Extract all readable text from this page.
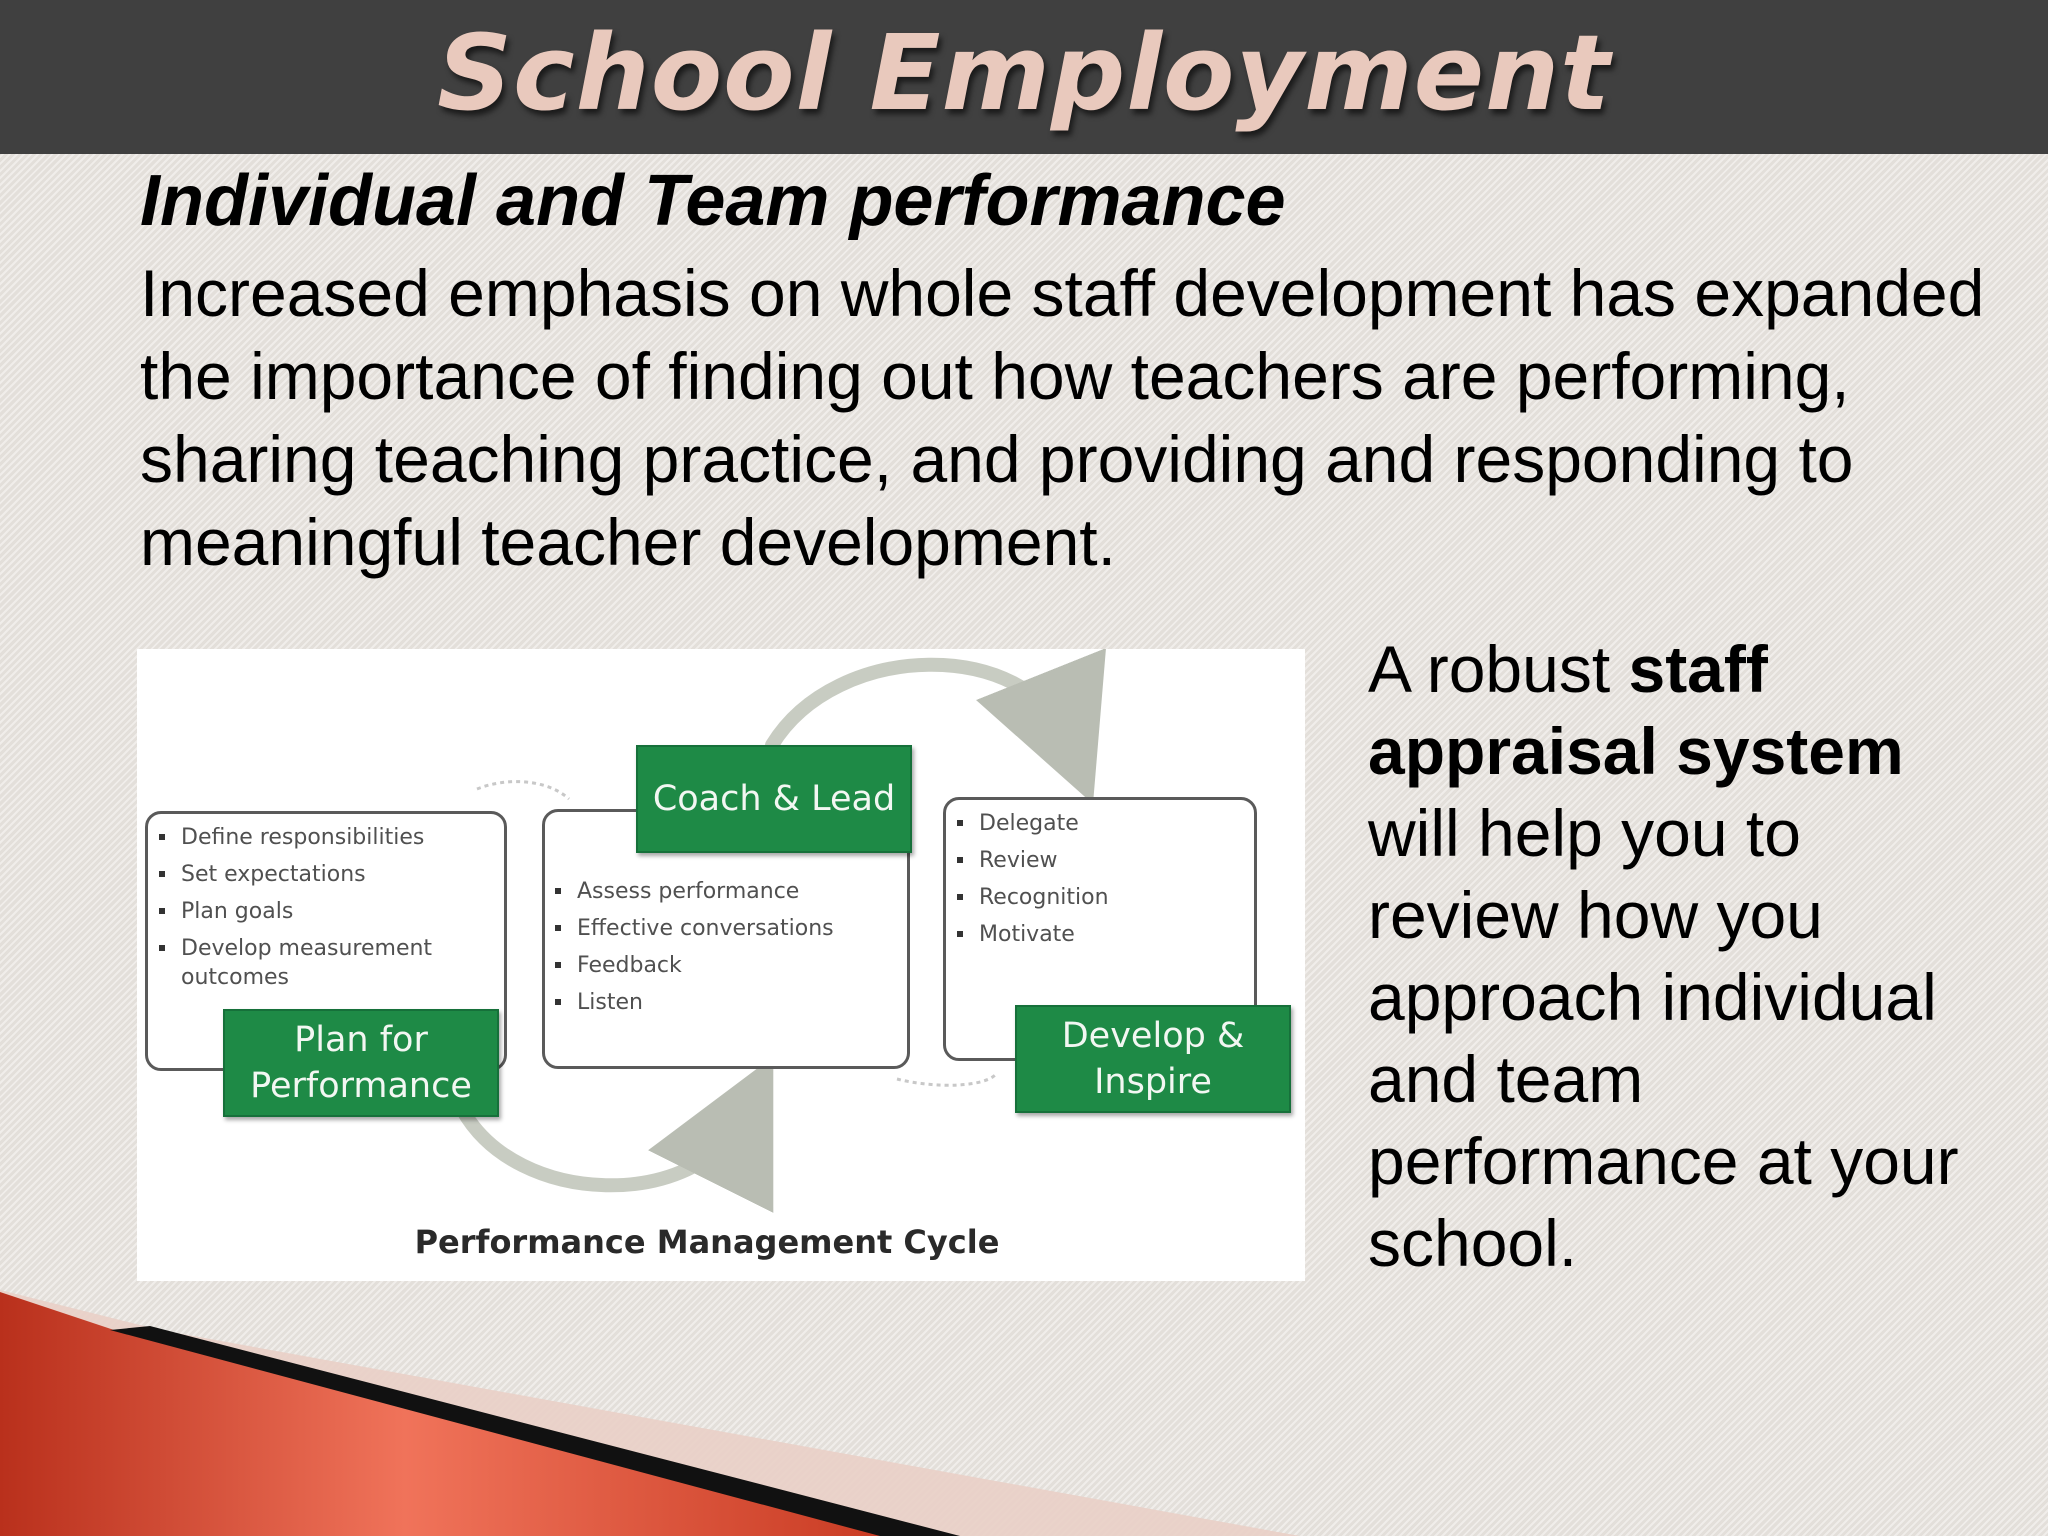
School Employment
Individual and Team performance
Increased emphasis on whole staff development has expanded the importance of finding out how teachers are performing, sharing teaching practice, and providing and responding to meaningful teacher development.
Define responsibilities
Set expectations
Plan goals
Develop measurement
outcomes
Plan for
Performance
Assess performance
Effective conversations
Feedback
Listen
Coach & Lead
Delegate
Review
Recognition
Motivate
Develop &
Inspire
Performance Management Cycle
A robust staff appraisal system will help you to review how you approach individual and team performance at your school.
